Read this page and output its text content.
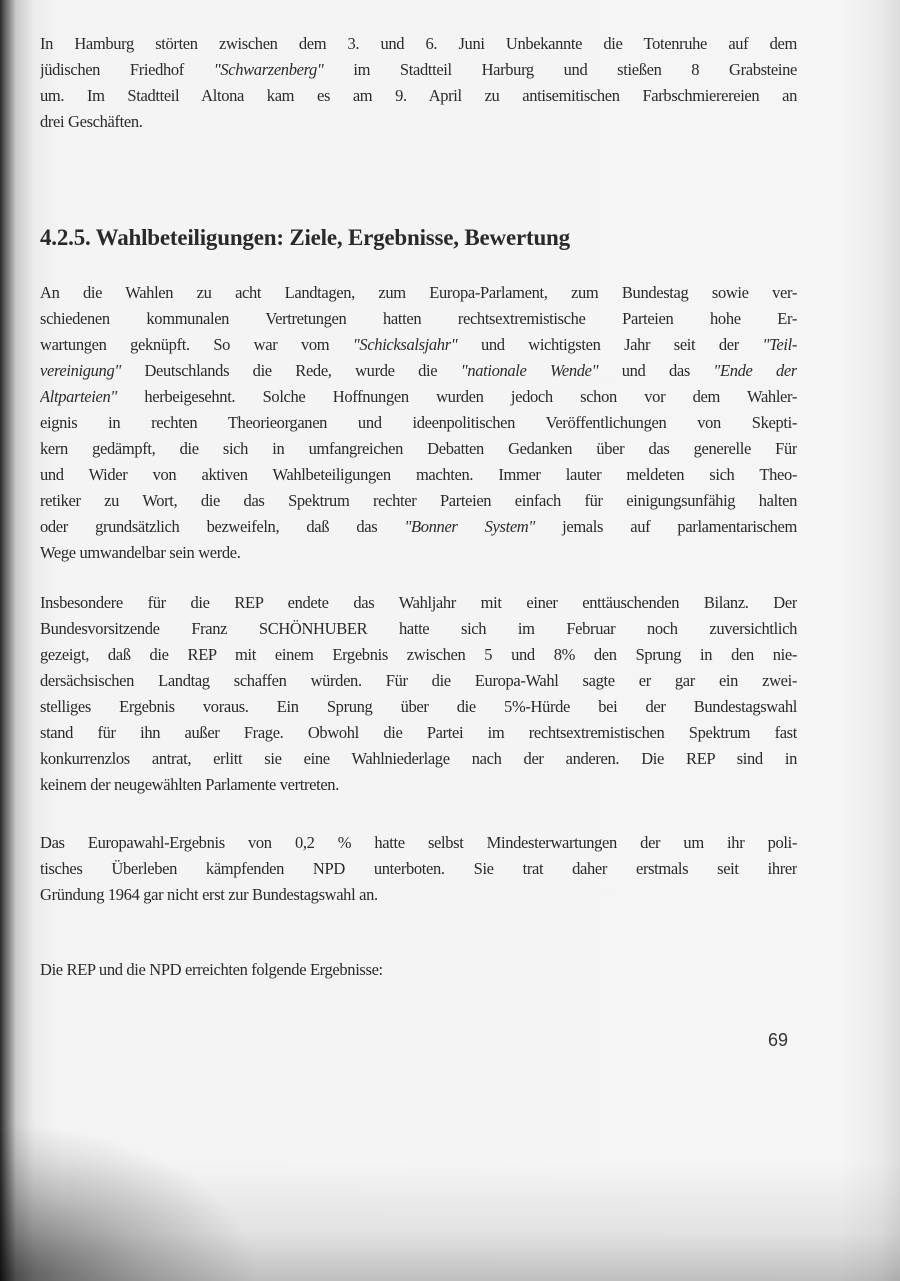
4.2.5. Wahlbeteiligungen: Ziele, Ergebnisse, Bewertung
69
In Hamburg störten zwischen dem 3. und 6. Juni Unbekannte die Totenruhe auf dem
jüdischen Friedhof "Schwarzenberg" im Stadtteil Harburg und stießen 8 Grabsteine
um. Im Stadtteil Altona kam es am 9. April zu antisemitischen Farbschmierereien an
drei Geschäften.
An die Wahlen zu acht Landtagen, zum Europa-Parlament, zum Bundestag sowie ver-
schiedenen kommunalen Vertretungen hatten rechtsextremistische Parteien hohe Er-
wartungen geknüpft. So war vom "Schicksalsjahr" und wichtigsten Jahr seit der "Teil-
vereinigung" Deutschlands die Rede, wurde die "nationale Wende" und das "Ende der
Altparteien" herbeigesehnt. Solche Hoffnungen wurden jedoch schon vor dem Wahler-
eignis in rechten Theorieorganen und ideenpolitischen Veröffentlichungen von Skepti-
kern gedämpft, die sich in umfangreichen Debatten Gedanken über das generelle Für
und Wider von aktiven Wahlbeteiligungen machten. Immer lauter meldeten sich Theo-
retiker zu Wort, die das Spektrum rechter Parteien einfach für einigungsunfähig halten
oder grundsätzlich bezweifeln, daß das "Bonner System" jemals auf parlamentarischem
Wege umwandelbar sein werde.
Insbesondere für die REP endete das Wahljahr mit einer enttäuschenden Bilanz. Der
Bundesvorsitzende Franz SCHÖNHUBER hatte sich im Februar noch zuversichtlich
gezeigt, daß die REP mit einem Ergebnis zwischen 5 und 8% den Sprung in den nie-
dersächsischen Landtag schaffen würden. Für die Europa-Wahl sagte er gar ein zwei-
stelliges Ergebnis voraus. Ein Sprung über die 5%-Hürde bei der Bundestagswahl
stand für ihn außer Frage. Obwohl die Partei im rechtsextremistischen Spektrum fast
konkurrenzlos antrat, erlitt sie eine Wahlniederlage nach der anderen. Die REP sind in
keinem der neugewählten Parlamente vertreten.
Das Europawahl-Ergebnis von 0,2 % hatte selbst Mindesterwartungen der um ihr poli-
tisches Überleben kämpfenden NPD unterboten. Sie trat daher erstmals seit ihrer
Gründung 1964 gar nicht erst zur Bundestagswahl an.
Die REP und die NPD erreichten folgende Ergebnisse:
